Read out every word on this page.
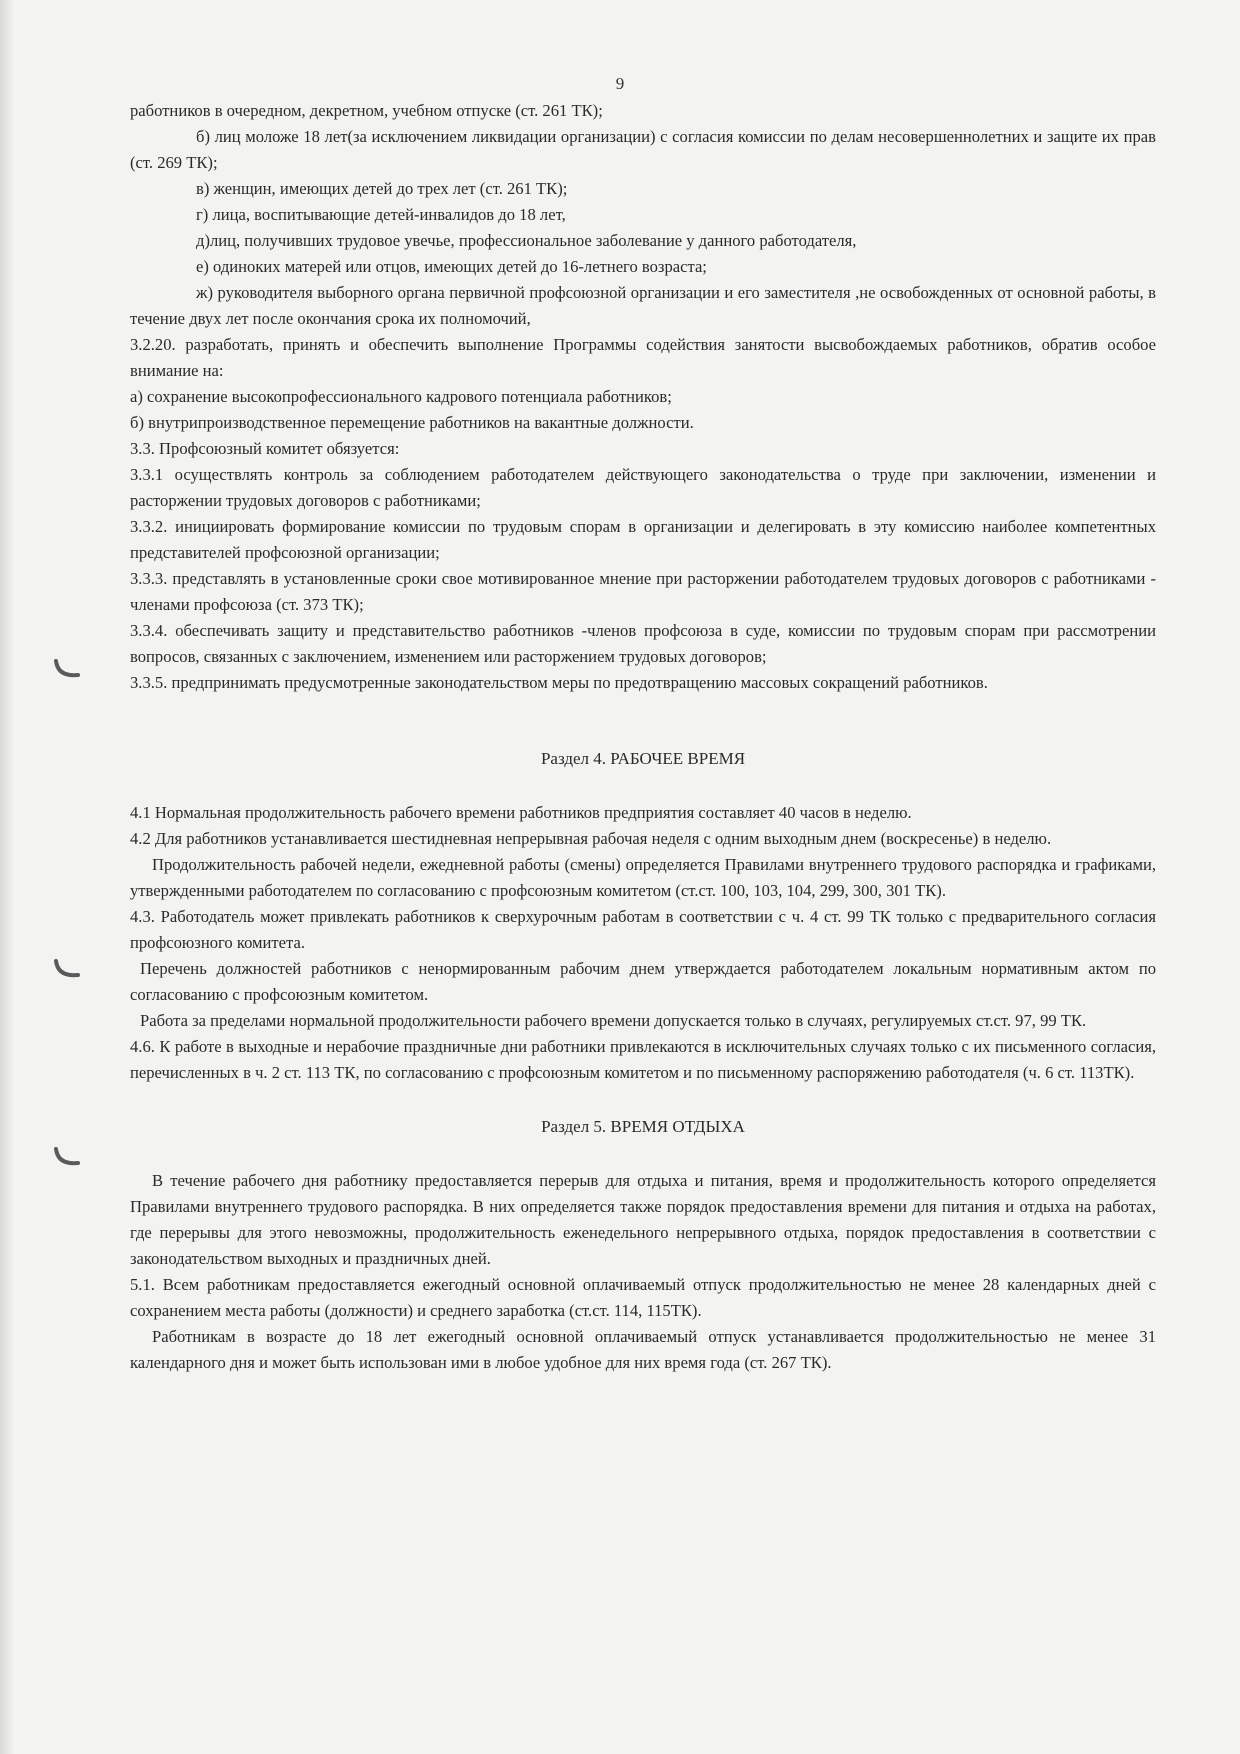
9

работников в очередном, декретном, учебном отпуске (ст. 261 ТК);

б) лиц моложе 18 лет(за исключением ликвидации организации) с согласия комиссии по делам несовершеннолетних и защите их прав (ст. 269 ТК);

в) женщин, имеющих детей до трех лет (ст. 261 ТК);

г) лица, воспитывающие детей-инвалидов до 18 лет,

д)лиц, получивших трудовое увечье, профессиональное заболевание у данного работодателя,

е) одиноких матерей или отцов, имеющих детей до 16-летнего возраста;

ж) руководителя выборного органа первичной профсоюзной организации и его заместителя ,не освобожденных от основной работы, в течение двух лет после окончания срока их полномочий,

3.2.20. разработать, принять и обеспечить выполнение Программы содействия занятости высвобождаемых работников, обратив особое внимание на:

а) сохранение высокопрофессионального кадрового потенциала работников;

б) внутрипроизводственное перемещение работников на вакантные должности.

3.3. Профсоюзный комитет обязуется:

3.3.1 осуществлять контроль за соблюдением работодателем действующего законодательства о труде при заключении, изменении и расторжении трудовых договоров с работниками;

3.3.2. инициировать формирование комиссии по трудовым спорам в организации и делегировать в эту комиссию наиболее компетентных представителей профсоюзной организации;

3.3.3. представлять в установленные сроки свое мотивированное мнение при расторжении работодателем трудовых договоров с работниками - членами профсоюза (ст. 373 ТК);

3.3.4. обеспечивать защиту и представительство работников -членов профсоюза в суде, комиссии по трудовым спорам при рассмотрении вопросов, связанных с заключением, изменением или расторжением трудовых договоров;

3.3.5. предпринимать предусмотренные законодательством меры по предотвращению массовых сокращений работников.

Раздел 4. РАБОЧЕЕ ВРЕМЯ

4.1 Нормальная продолжительность рабочего времени работников предприятия составляет 40 часов в неделю.

4.2 Для работников устанавливается шестидневная непрерывная рабочая неделя с одним выходным днем (воскресенье) в неделю.

Продолжительность рабочей недели, ежедневной работы (смены) определяется Правилами внутреннего трудового распорядка и графиками, утвержденными работодателем по согласованию с профсоюзным комитетом (ст.ст. 100, 103, 104, 299, 300, 301 ТК).

4.3. Работодатель может привлекать работников к сверхурочным работам в соответствии с ч. 4 ст. 99 ТК только с предварительного согласия профсоюзного комитета.

Перечень должностей работников с ненормированным рабочим днем утверждается работодателем локальным нормативным актом по согласованию с профсоюзным комитетом.

Работа за пределами нормальной продолжительности рабочего времени допускается только в случаях, регулируемых ст.ст. 97, 99 ТК.

4.6. К работе в выходные и нерабочие праздничные дни работники привлекаются в исключительных случаях только с их письменного согласия, перечисленных в ч. 2 ст. 113 ТК, по согласованию с профсоюзным комитетом и по письменному распоряжению работодателя (ч. 6 ст. 113ТК).

Раздел 5. ВРЕМЯ ОТДЫХА

В течение рабочего дня работнику предоставляется перерыв для отдыха и питания, время и продолжительность которого определяется Правилами внутреннего трудового распорядка. В них определяется также порядок предоставления времени для питания и отдыха на работах, где перерывы для этого невозможны, продолжительность еженедельного непрерывного отдыха, порядок предоставления в соответствии с законодательством выходных и праздничных дней.

5.1. Всем работникам предоставляется ежегодный основной оплачиваемый отпуск продолжительностью не менее 28 календарных дней с сохранением места работы (должности) и среднего заработка (ст.ст. 114, 115ТК).

Работникам в возрасте до 18 лет ежегодный основной оплачиваемый отпуск устанавливается продолжительностью не менее 31 календарного дня и может быть использован ими в любое удобное для них время года (ст. 267 ТК).
